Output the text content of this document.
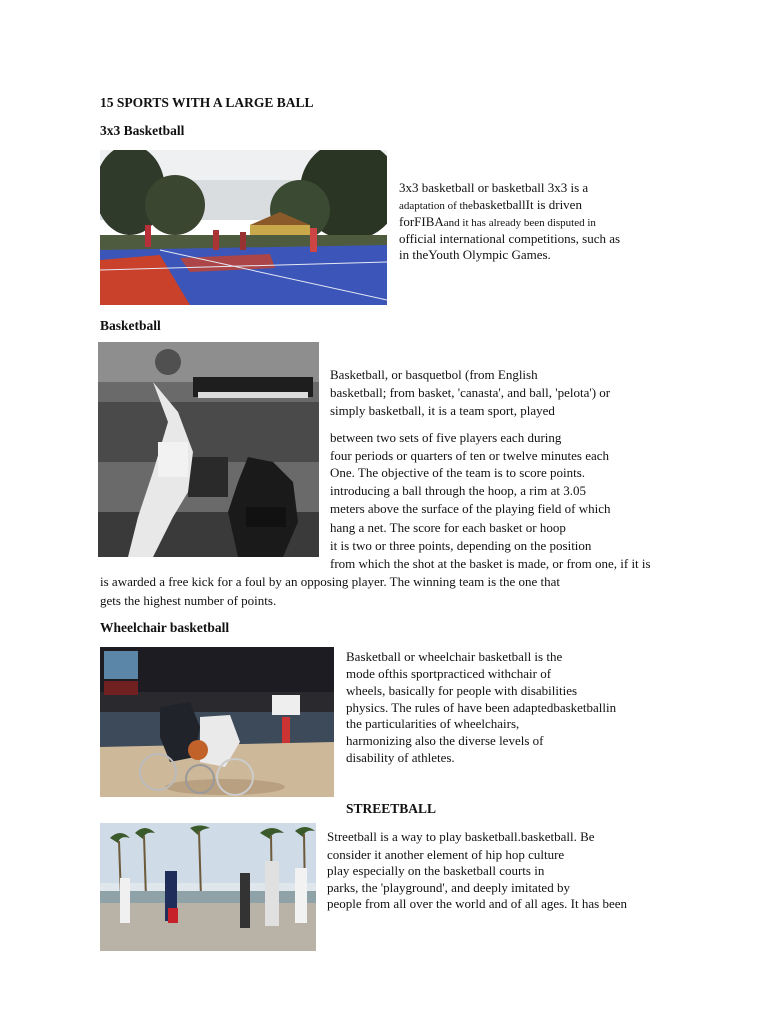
15 SPORTS WITH A LARGE BALL
3x3 Basketball
3x3 basketball or basketball 3x3 is a
adaptation of thebasketballIt is driven
forFIBAand it has already been disputed in
official international competitions, such as
in theYouth Olympic Games.
Basketball
Basketball, or basquetbol (from English
basketball; from basket, 'canasta', and ball, 'pelota') or
simply basketball, it is a team sport, played
between two sets of five players each during
four periods or quarters of ten or twelve minutes each
One. The objective of the team is to score points.
introducing a ball through the hoop, a rim at 3.05
meters above the surface of the playing field of which
hang a net. The score for each basket or hoop
it is two or three points, depending on the position
from which the shot at the basket is made, or from one, if it is
is awarded a free kick for a foul by an opposing player. The winning team is the one that
gets the highest number of points.
Wheelchair basketball
Basketball or wheelchair basketball is the
mode ofthis sportpracticed withchair of
wheels, basically for people with disabilities
physics. The rules of have been adaptedbasketballin
the particularities of wheelchairs,
harmonizing also the diverse levels of
disability of athletes.
STREETBALL
Streetball is a way to play basketball.basketball. Be
consider it another element of hip hop culture
play especially on the basketball courts in
parks, the 'playground', and deeply imitated by
people from all over the world and of all ages. It has been
